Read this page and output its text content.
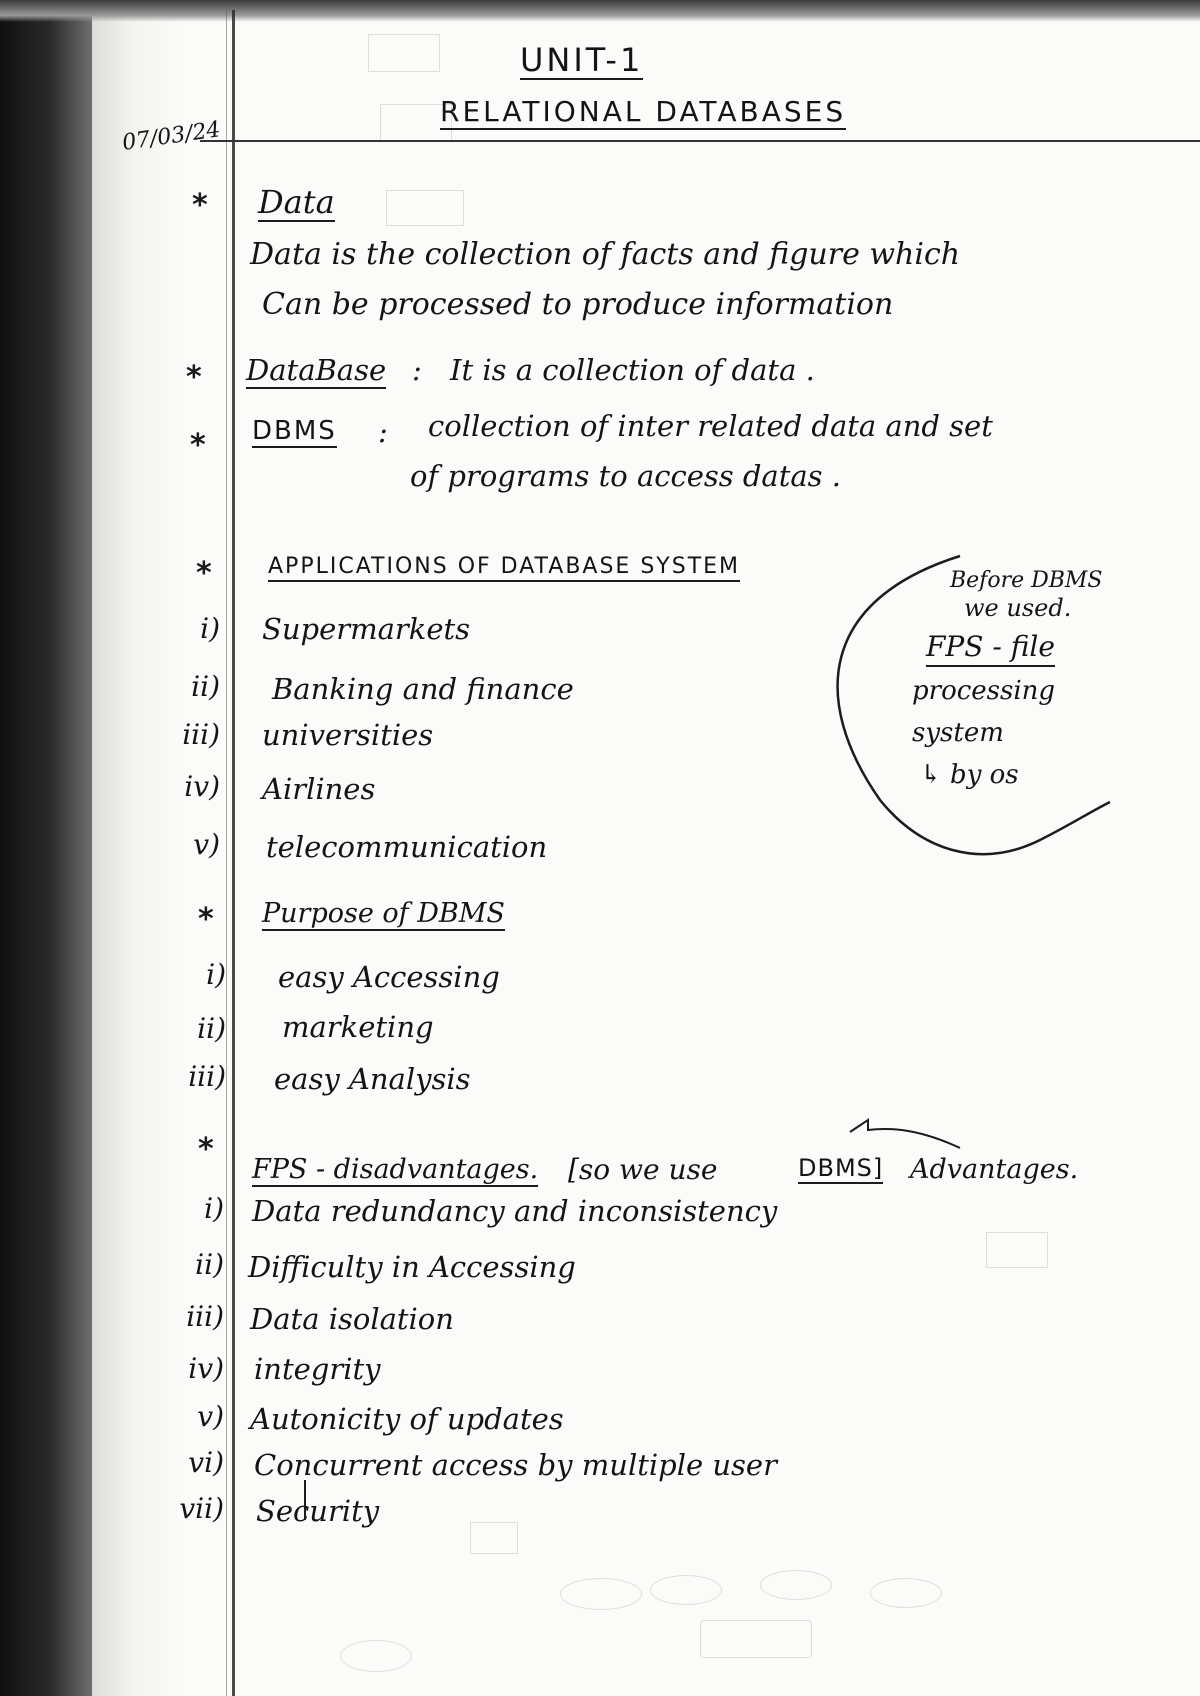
07/03/24
UNIT-1
RELATIONAL DATABASES
* Data
Data is the collection of facts and figure which
Can be processed to produce information
* DataBase : It is a collection of data .
* DBMS : collection of inter related data and set
of programs to access datas .
*	APPLICATIONS OF DATABASE SYSTEM
i) Supermarkets
ii) Banking and finance
iii) universities
iv) Airlines
v) telecommunication
Before DBMS
we used.
FPS - file
processing
system
↳ by os
* Purpose of DBMS
i) easy Accessing
ii) marketing
iii) easy Analysis
*
FPS - disadvantages. [so we use	DBMS] Advantages.
i) Data redundancy and inconsistency
ii) Difficulty in Accessing
iii) Data isolation
iv) integrity
v) Autonicity of updates
vi) Concurrent access by multiple user
vii) Security
